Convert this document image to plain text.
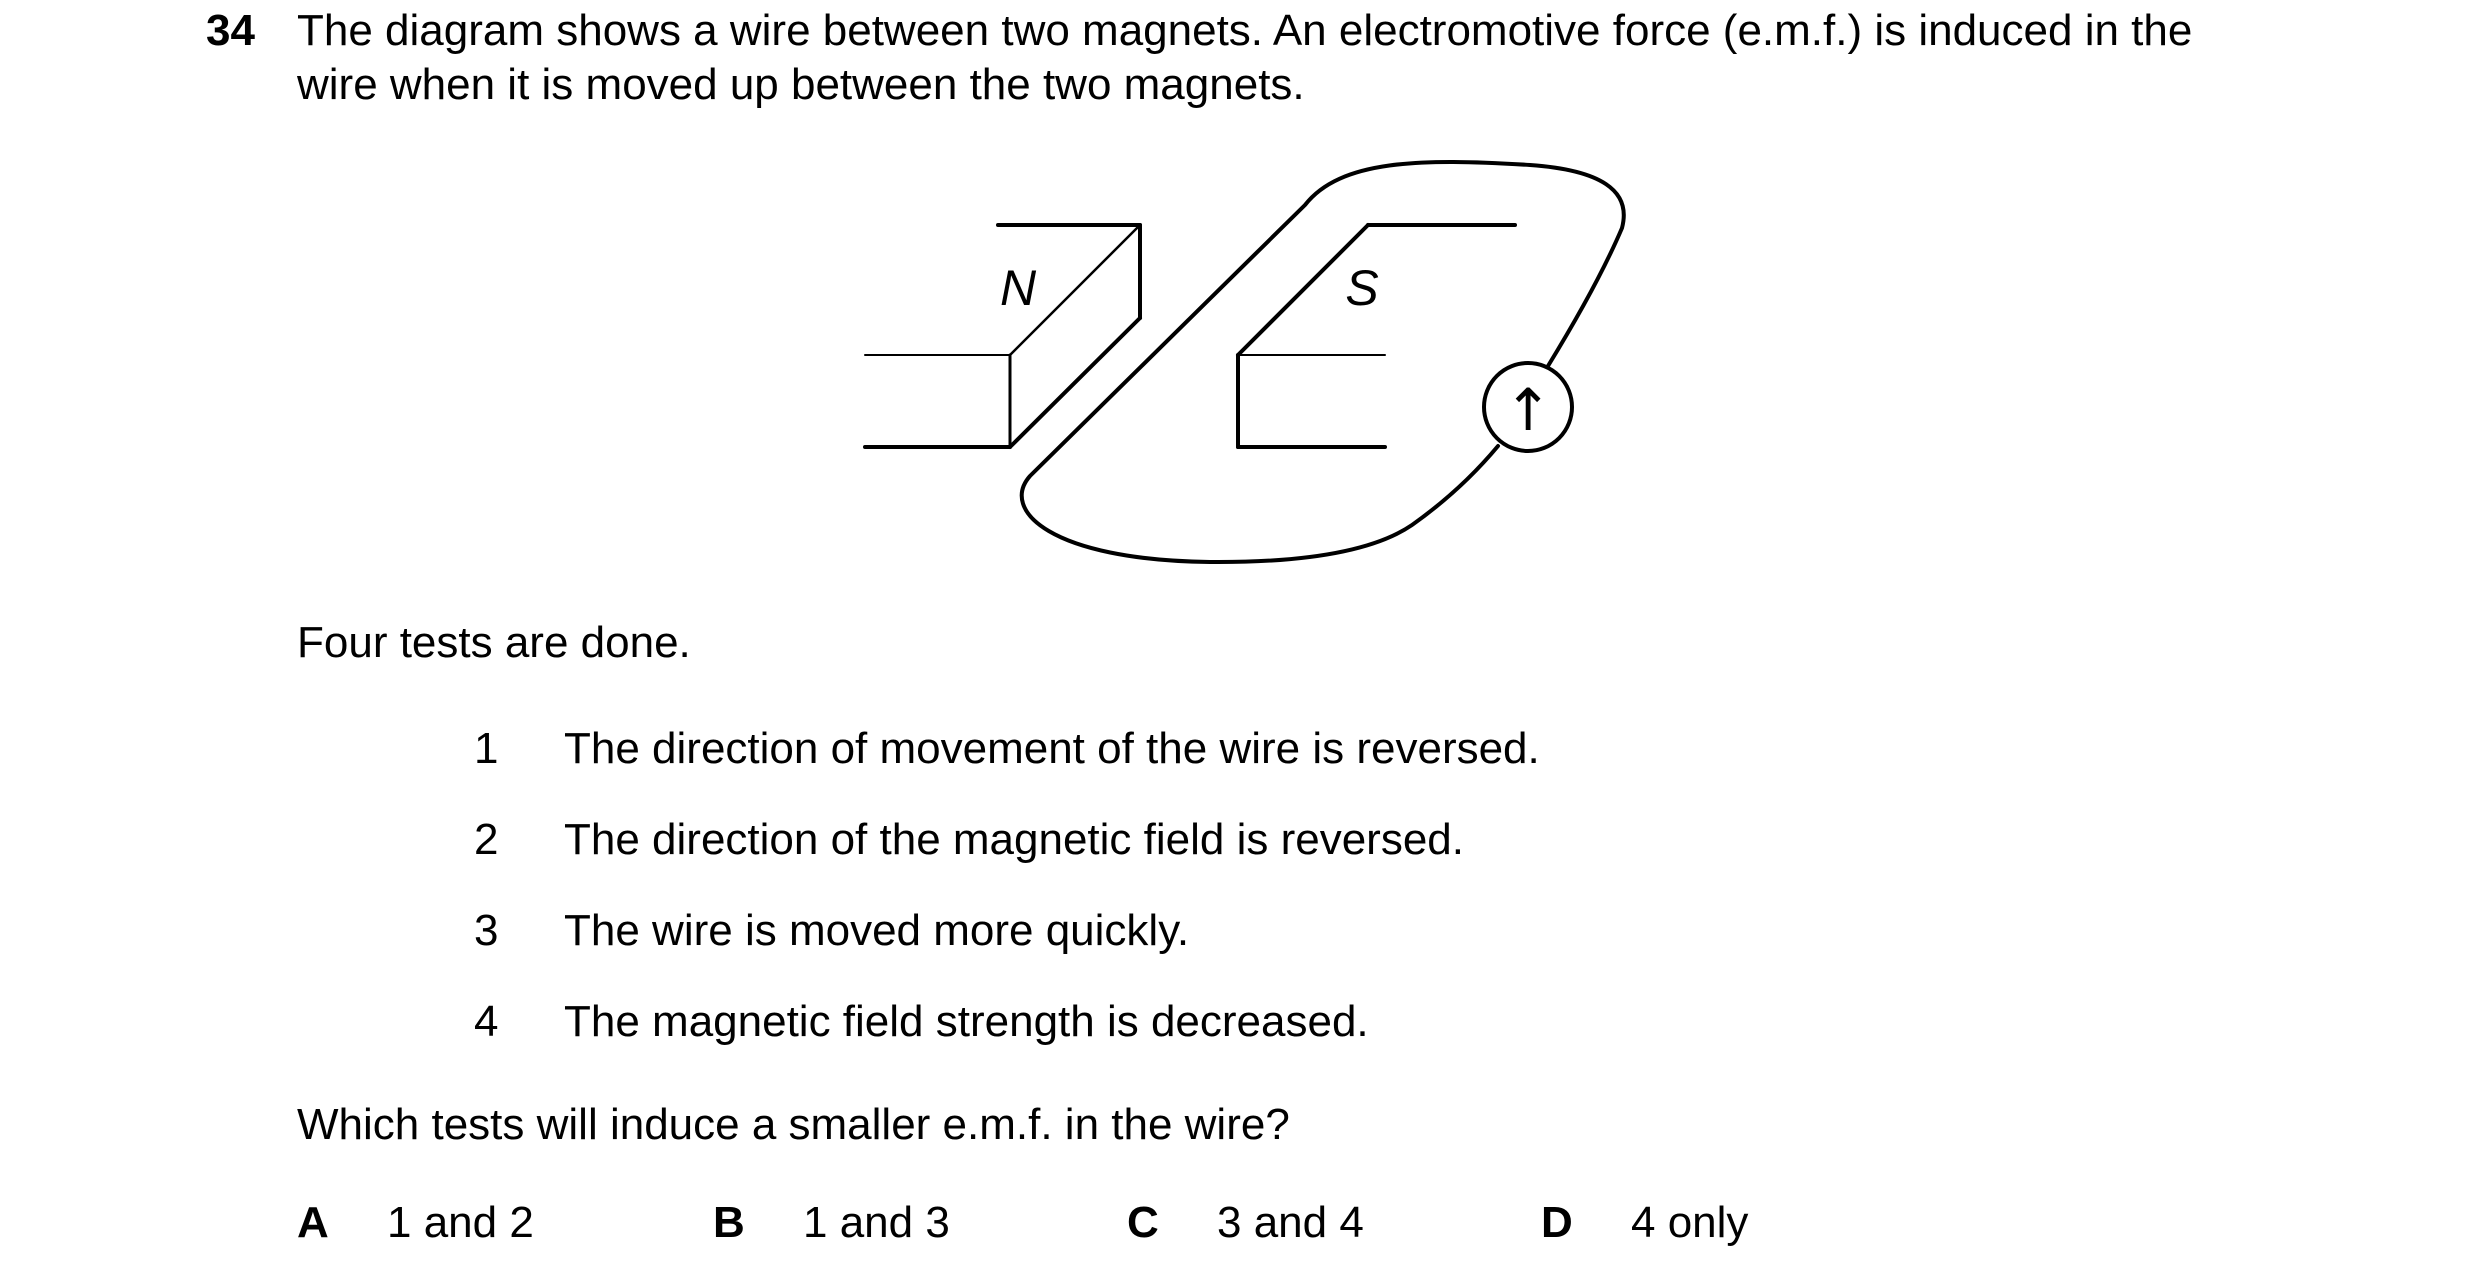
34 The diagram shows a wire between two magnets. An electromotive force (e.m.f.) is induced in the
wire when it is moved up between the two magnets.
N	S
↑
Four tests are done.
1 The direction of movement of the wire is reversed.
2 The direction of the magnetic field is reversed.
3 The wire is moved more quickly.
4 The magnetic field strength is decreased.
Which tests will induce a smaller e.m.f. in the wire?
A 1 and 2	B 1 and 3	C 3 and 4	D 4 only
